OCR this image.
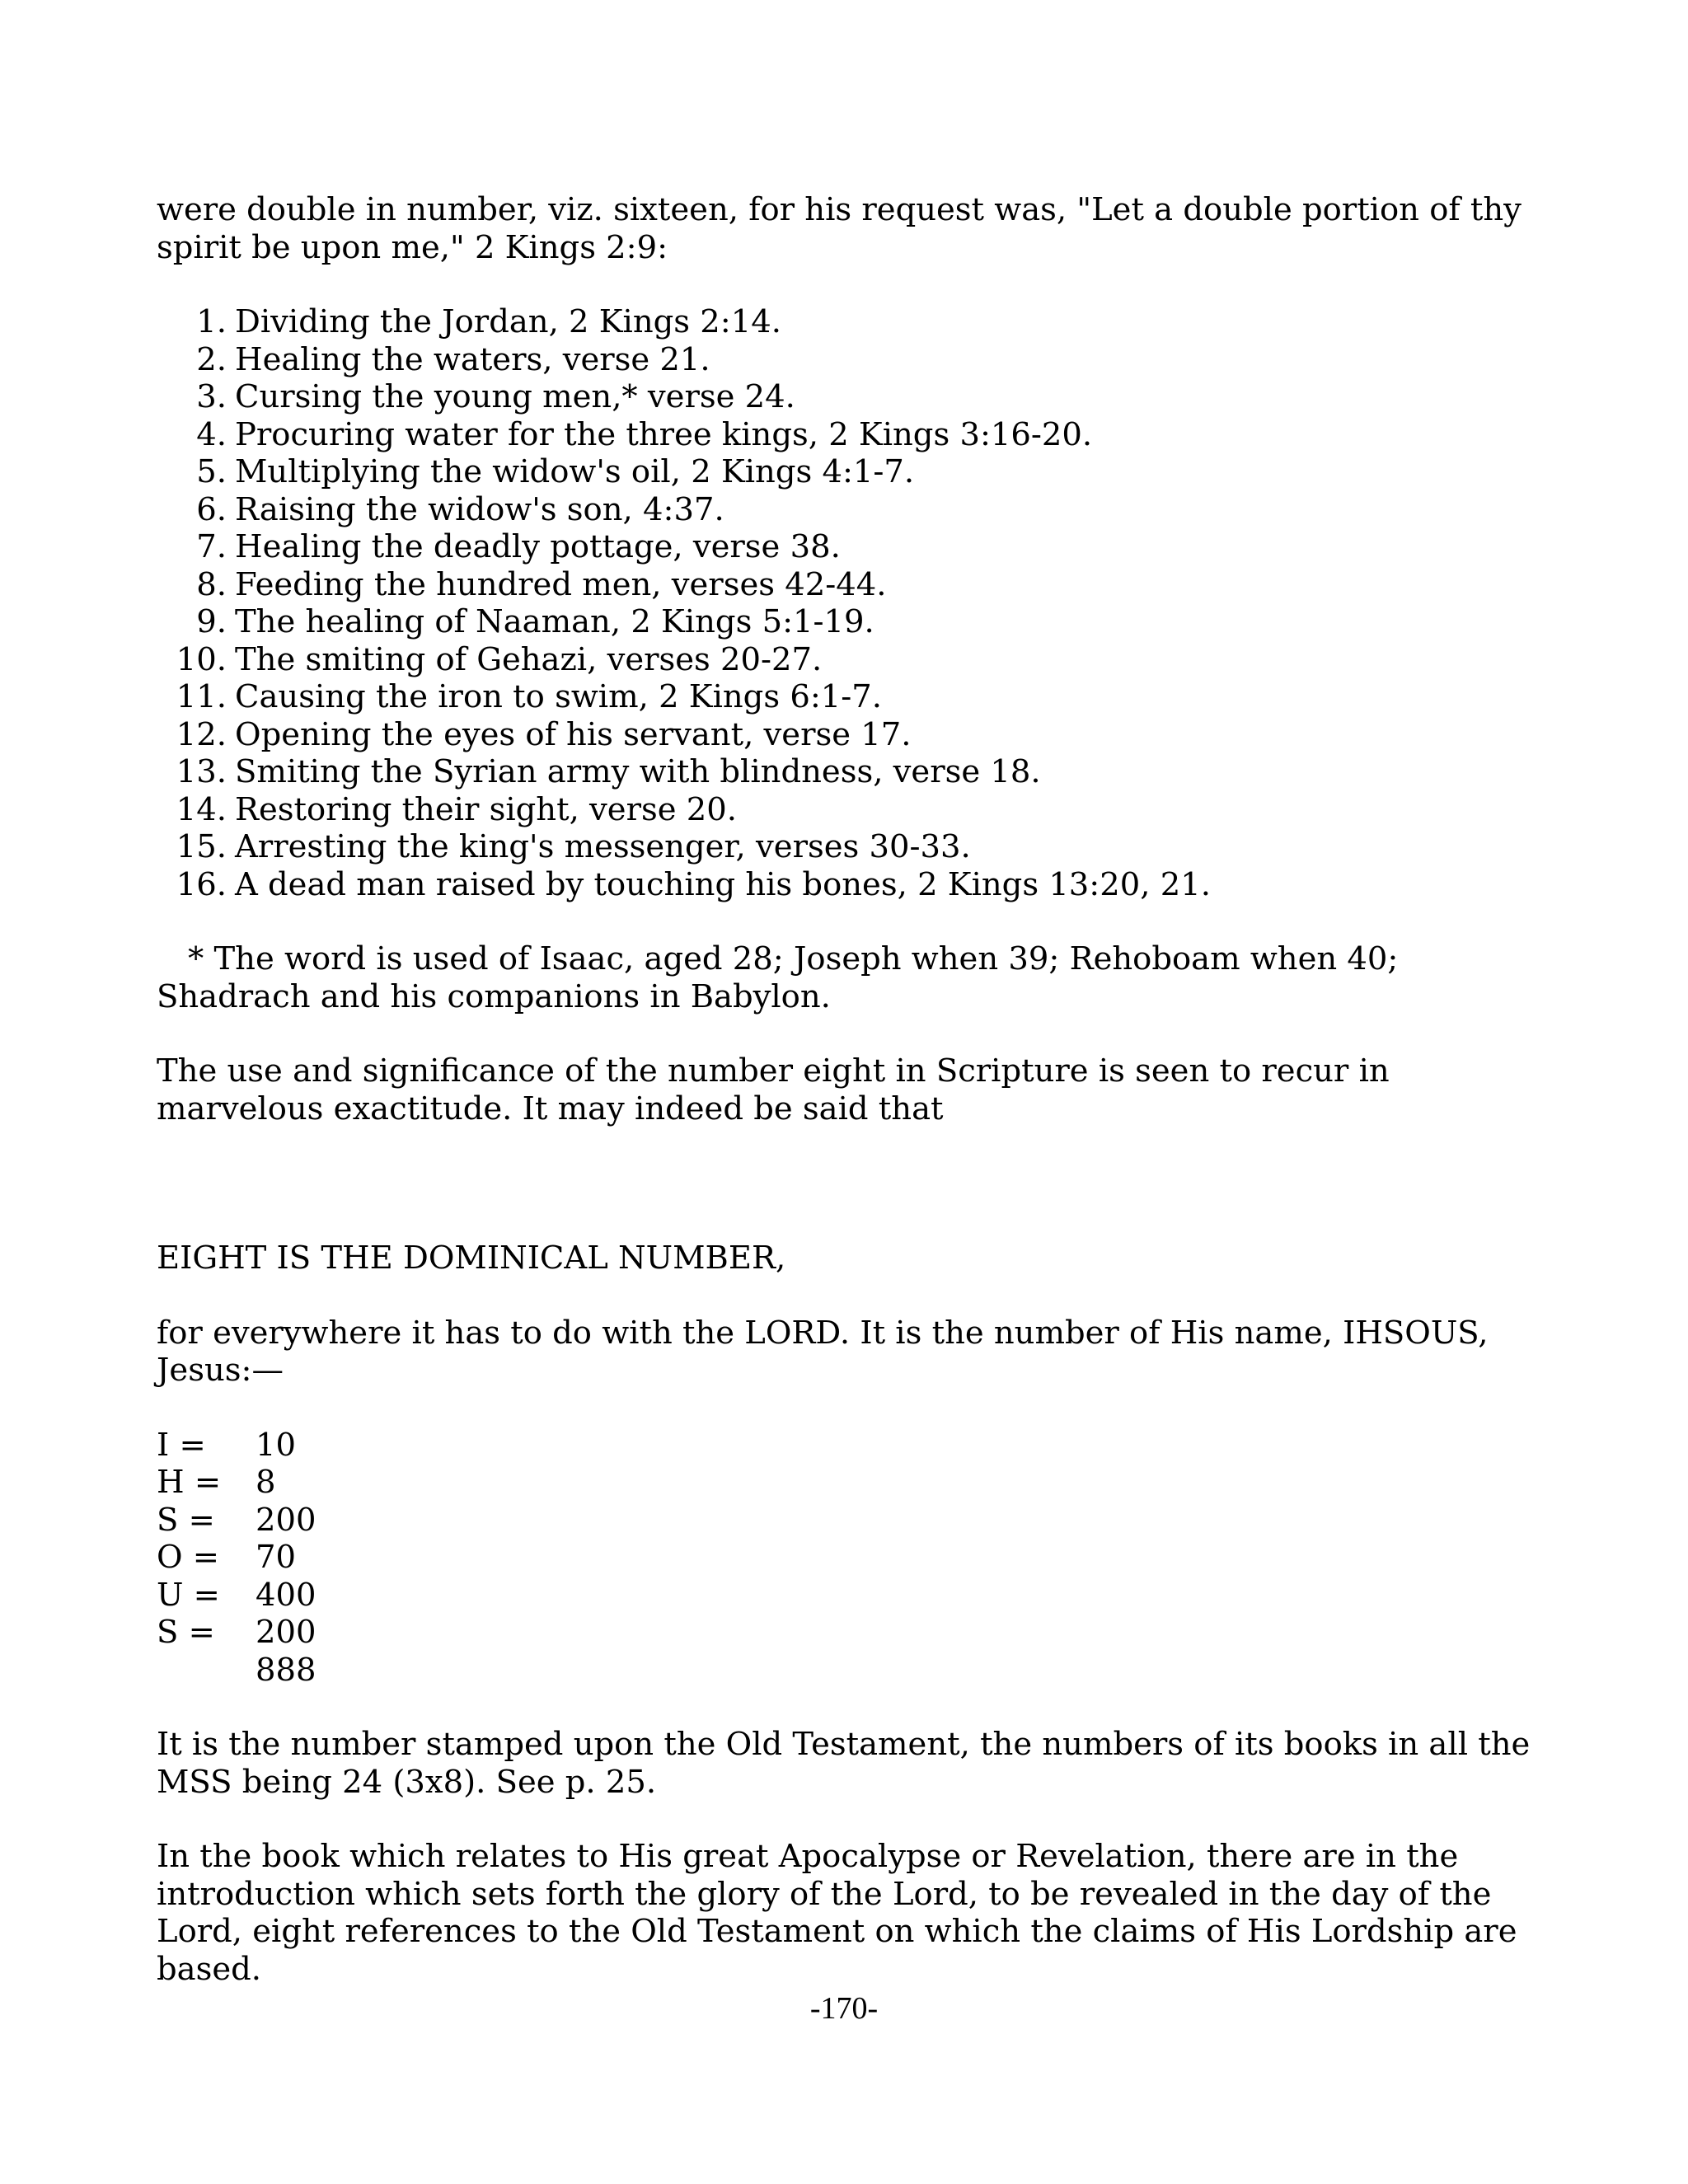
were double in number, viz. sixteen, for his request was, "Let a double portion of thy spirit be upon me," 2 Kings 2:9:

1. Dividing the Jordan, 2 Kings 2:14.
2. Healing the waters, verse 21.
3. Cursing the young men,* verse 24.
4. Procuring water for the three kings, 2 Kings 3:16-20.
5. Multiplying the widow's oil, 2 Kings 4:1-7.
6. Raising the widow's son, 4:37.
7. Healing the deadly pottage, verse 38.
8. Feeding the hundred men, verses 42-44.
9. The healing of Naaman, 2 Kings 5:1-19.
10. The smiting of Gehazi, verses 20-27.
11. Causing the iron to swim, 2 Kings 6:1-7.
12. Opening the eyes of his servant, verse 17.
13. Smiting the Syrian army with blindness, verse 18.
14. Restoring their sight, verse 20.
15. Arresting the king's messenger, verses 30-33.
16. A dead man raised by touching his bones, 2 Kings 13:20, 21.

* The word is used of Isaac, aged 28; Joseph when 39; Rehoboam when 40; Shadrach and his companions in Babylon.

The use and significance of the number eight in Scripture is seen to recur in marvelous exactitude. It may indeed be said that

EIGHT IS THE DOMINICAL NUMBER,

for everywhere it has to do with the LORD. It is the number of His name, IHSOUS, Jesus:—

I =	10
H =	8
S =	200
O =	70
U =	400
S =	200
	888

It is the number stamped upon the Old Testament, the numbers of its books in all the MSS being 24 (3x8). See p. 25.

In the book which relates to His great Apocalypse or Revelation, there are in the introduction which sets forth the glory of the Lord, to be revealed in the day of the Lord, eight references to the Old Testament on which the claims of His Lordship are based.

-170-
